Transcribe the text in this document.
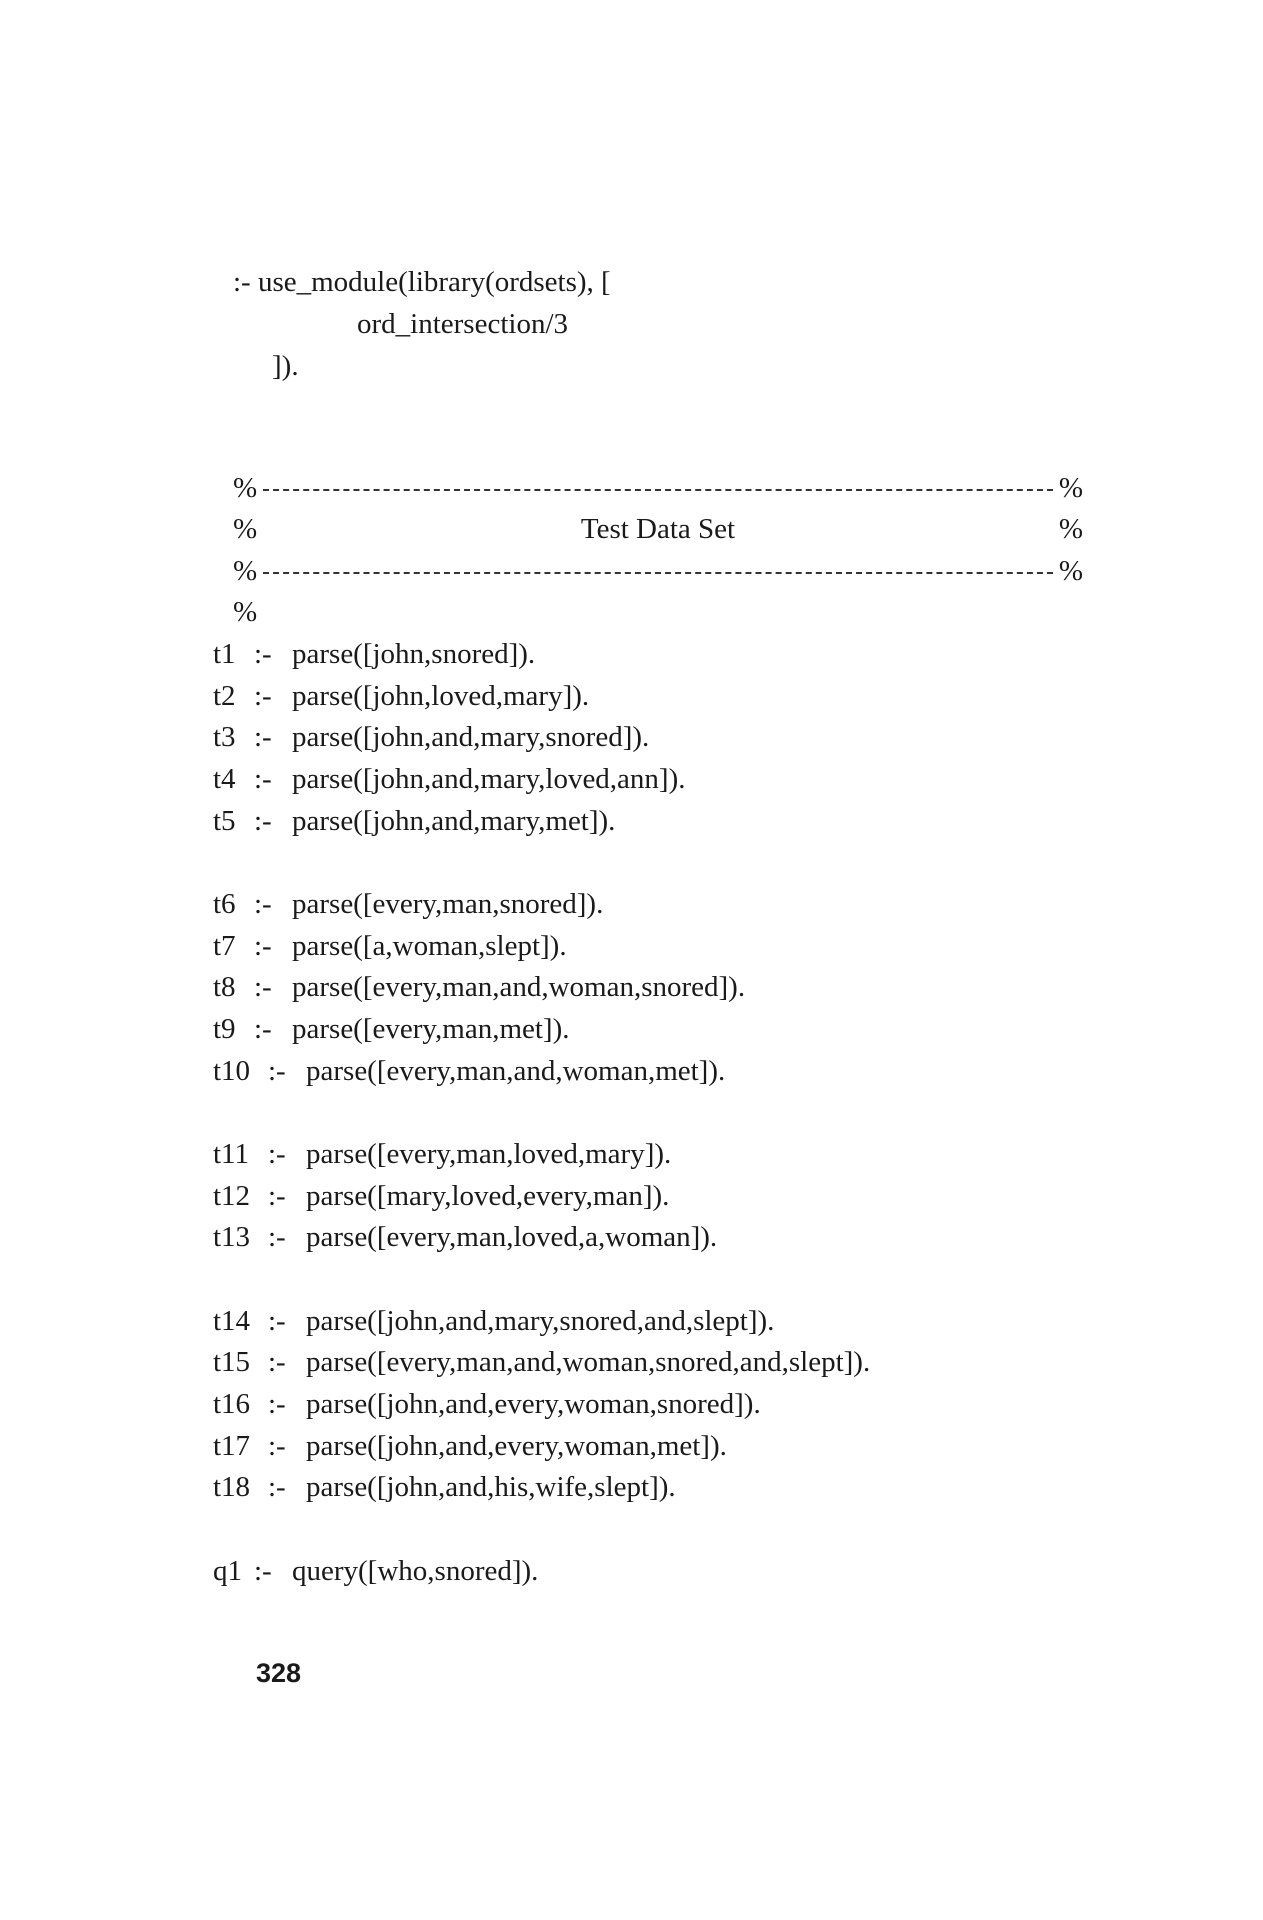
:- use_module(library(ordsets), [
ord_intersection/3
]).
%	%
%	Test Data Set	%
%	%
%
t1 :- parse([john,snored]).
t2 :- parse([john,loved,mary]).
t3 :- parse([john,and,mary,snored]).
t4 :- parse([john,and,mary,loved,ann]).
t5 :- parse([john,and,mary,met]).
t6 :- parse([every,man,snored]).
t7 :- parse([a,woman,slept]).
t8 :- parse([every,man,and,woman,snored]).
t9 :- parse([every,man,met]).
t10 :- parse([every,man,and,woman,met]).
t11 :- parse([every,man,loved,mary]).
t12 :- parse([mary,loved,every,man]).
t13 :- parse([every,man,loved,a,woman]).
t14 :- parse([john,and,mary,snored,and,slept]).
t15 :- parse([every,man,and,woman,snored,and,slept]).
t16 :- parse([john,and,every,woman,snored]).
t17 :- parse([john,and,every,woman,met]).
t18 :- parse([john,and,his,wife,slept]).
q1 :- query([who,snored]).
328
